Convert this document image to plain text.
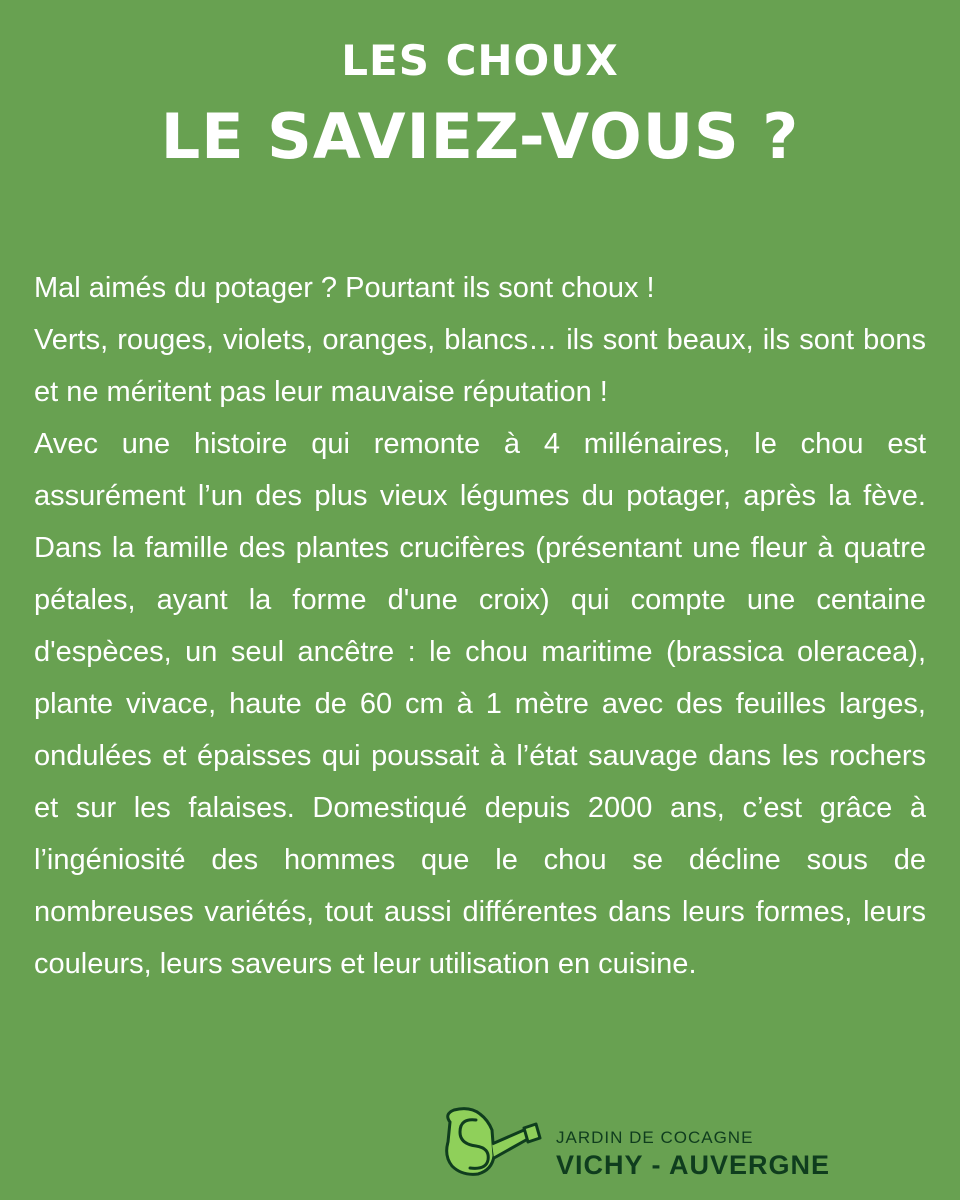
LES CHOUX
LE SAVIEZ-VOUS ?

Mal aimés du potager ? Pourtant ils sont choux !

Verts, rouges, violets, oranges, blancs… ils sont beaux, ils sont bons et ne méritent pas leur mauvaise réputation !

Avec une histoire qui remonte à 4 millénaires, le chou est assurément l’un des plus vieux légumes du potager, après la fève. Dans la famille des plantes crucifères (présentant une fleur à quatre pétales, ayant la forme d'une croix) qui compte une centaine d'espèces, un seul ancêtre : le chou maritime (brassica oleracea), plante vivace, haute de 60 cm à 1 mètre avec des feuilles larges, ondulées et épaisses qui poussait à l’état sauvage dans les rochers et sur les falaises. Domestiqué depuis 2000 ans, c’est grâce à l’ingéniosité des hommes que le chou se décline sous de nombreuses variétés, tout aussi différentes dans leurs formes, leurs couleurs, leurs saveurs et leur utilisation en cuisine.

JARDIN DE COCAGNE
VICHY - AUVERGNE
